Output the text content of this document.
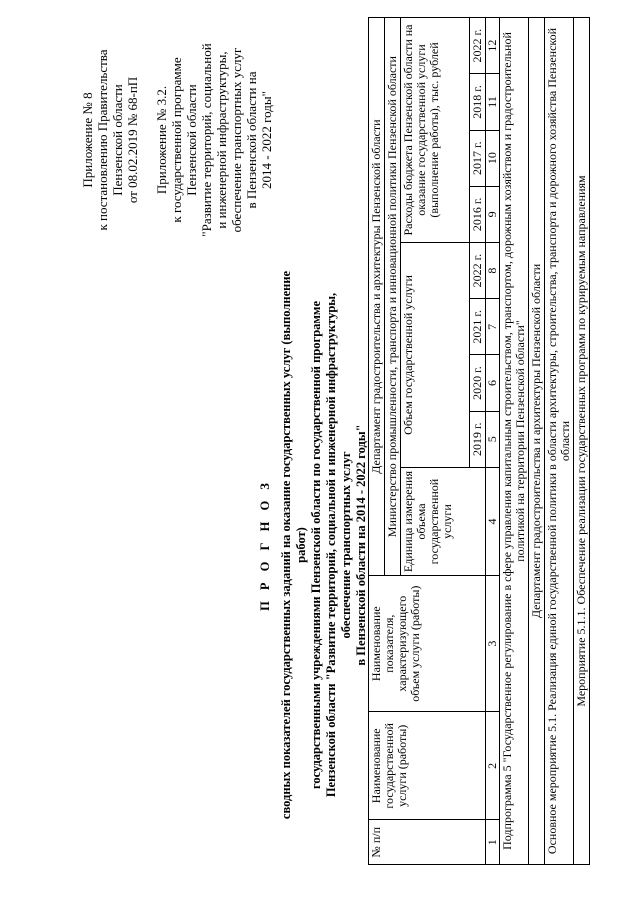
Приложение № 8 к постановлению Правительства Пензенской области от 08.02.2019 № 68-пП Приложение № 3.2. к государственной программе Пензенской области "Развитие территорий, социальной и инженерной инфраструктуры, обеспечение транспортных услуг в Пензенской области на 2014 - 2022 годы"
П Р О Г Н О З сводных показателей государственных заданий на оказание государственных услуг (выполнение работ) государственными учреждениями Пензенской области по государственной программе Пензенской области "Развитие территорий, социальной и инженерной инфраструктуры, обеспечение транспортных услуг в Пензенской области на 2014 - 2022 годы"
№ п/п	Наименование государственной услуги (работы)	Наименование показателя, характеризующего объем услуги (работы)	Департамент градостроительства и архитектуры Пензенской области								
			Министерство промышленности, транспорта и инновационной политики Пензенской области								
			Единица измерения объема государственной услуги	Объем государственной услуги				Расходы бюджета Пензенской области на оказание государственной услуги (выполнение работы), тыс. рублей			
				2019 г.	2020 г.	2021 г.	2022 г.	2016 г.	2017 г.	2018 г.	2022 г.
1	2	3	4	5	6	7	8	9	10	11	12
Подпрограмма 5 "Государственное регулирование в сфере управления капитальным строительством, транспортом, дорожным хозяйством и градостроительной политикой на территории Пензенской области"											
Департамент градостроительства и архитектуры Пензенской области											
Основное мероприятие 5.1. Реализация единой государственной политики в области архитектуры, строительства, транспорта и дорожного хозяйства Пензенской области											
Мероприятие 5.1.1. Обеспечение реализации государственных программ по курируемым направлениям											
